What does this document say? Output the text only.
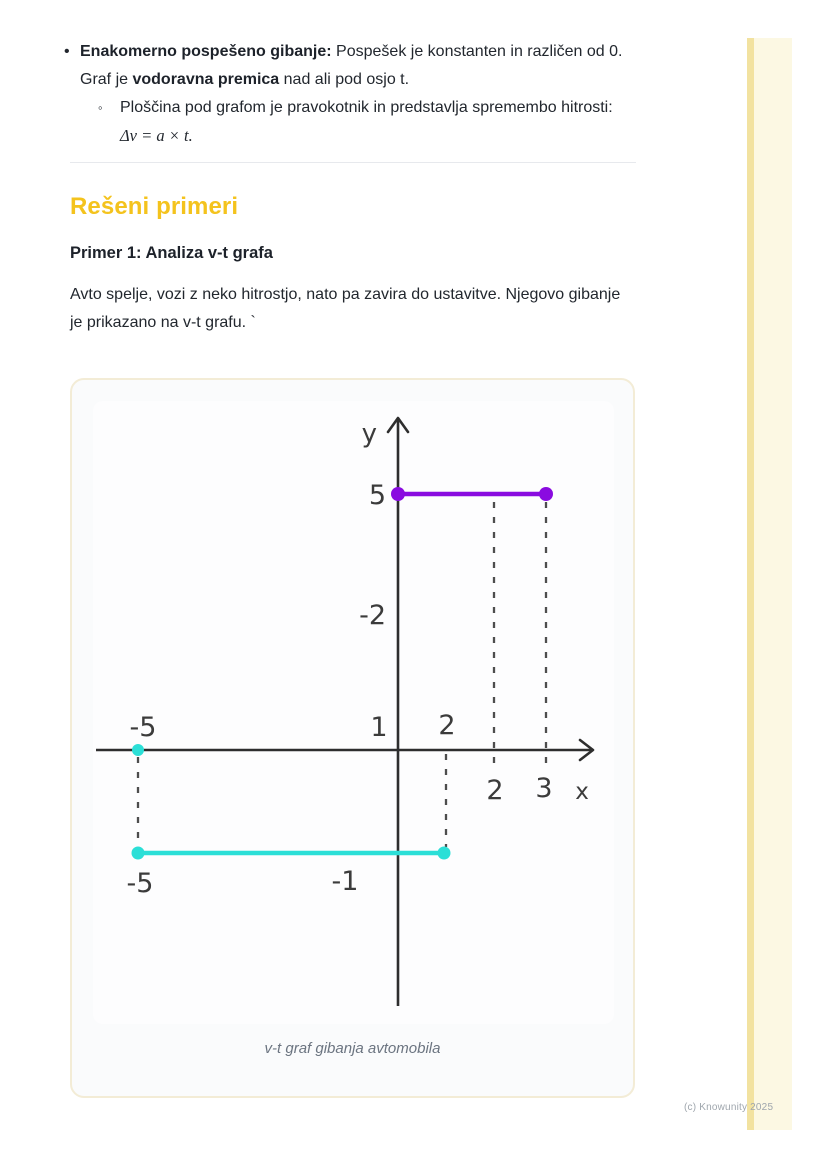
• Enakomerno pospešeno gibanje: Pospešek je konstanten in različen od 0. Graf je vodoravna premica nad ali pod osjo t.
◦	Ploščina pod grafom je pravokotnik in predstavlja spremembo hitrosti:
Δv = a × t.
Rešeni primeri
Primer 1: Analiza v-t grafa

Avto spelje, vozi z neko hitrostjo, nato pa zavira do ustavitve. Njegovo gibanje je prikazano na v-t grafu. `

y
5
-2
-5	1 2
2 3 x
-5	-1
v-t graf gibanja avtomobila
(c) Knowunity 2025
